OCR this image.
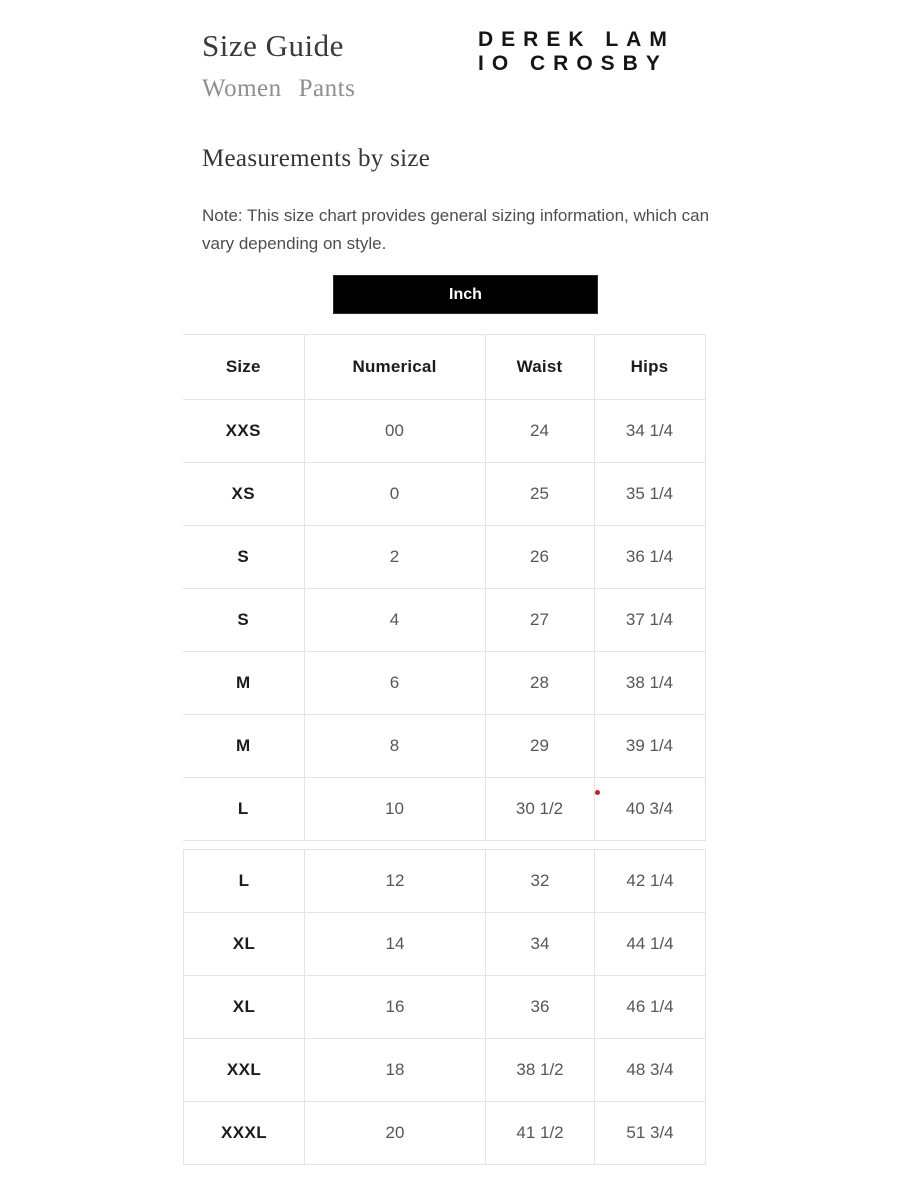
Size Guide
Women Pants
DEREK LAM
IO CROSBY
Measurements by size

Note: This size chart provides general sizing information, which can vary depending on style.

Inch
Size	Numerical	Waist	Hips
XXS	00	24	34 1/4
XS	0	25	35 1/4
S	2	26	36 1/4
S	4	27	37 1/4
M	6	28	38 1/4
M	8	29	39 1/4
L	10	30 1/2	40 3/4
L	12	32	42 1/4
XL	14	34	44 1/4
XL	16	36	46 1/4
XXL	18	38 1/2	48 3/4
XXXL	20	41 1/2	51 3/4
